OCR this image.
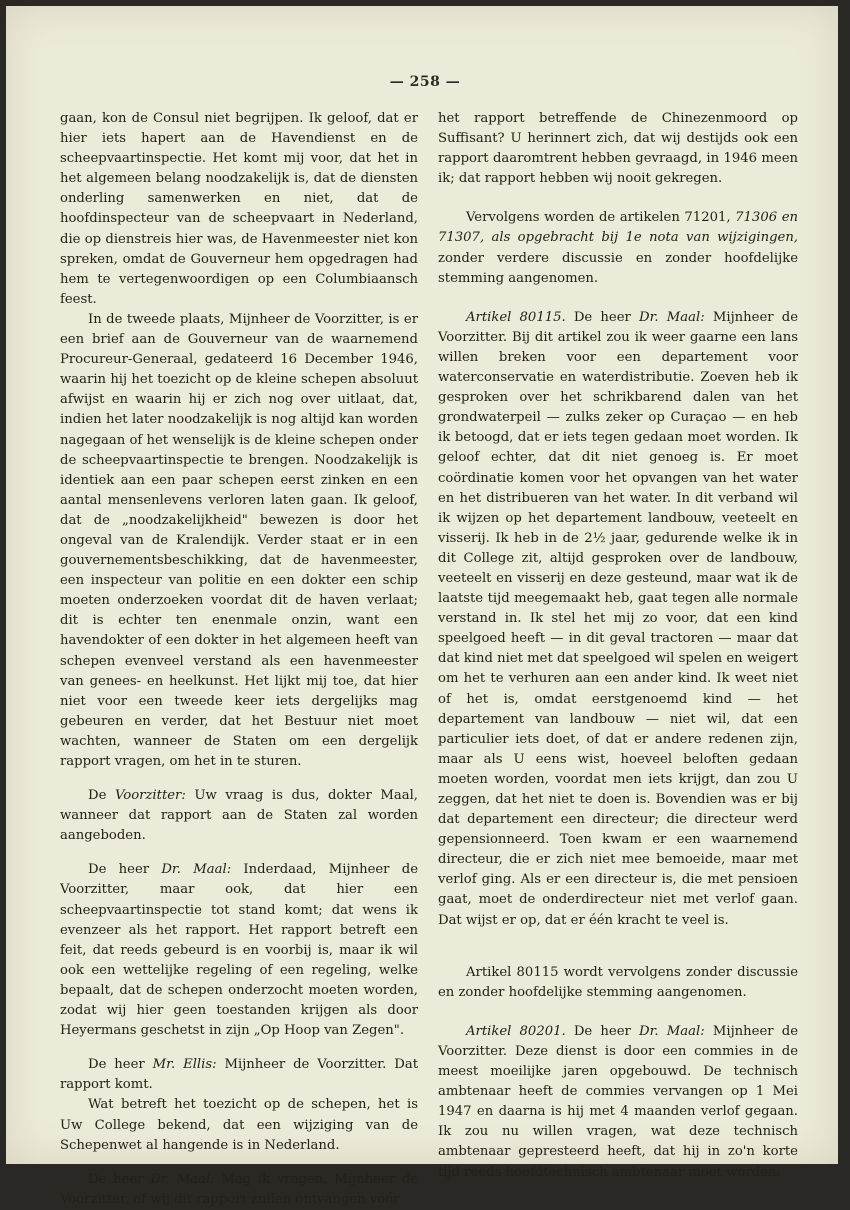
— 258 —

gaan, kon de Consul niet begrijpen. Ik geloof, dat er hier iets hapert aan de Havendienst en de scheepvaartinspectie. Het komt mij voor, dat het in het algemeen belang noodzakelijk is, dat de diensten onderling samenwerken en niet, dat de hoofdinspecteur van de scheepvaart in Nederland, die op dienstreis hier was, de Havenmeester niet kon spreken, omdat de Gouverneur hem opgedragen had hem te vertegenwoordigen op een Columbiaansch feest.

In de tweede plaats, Mijnheer de Voorzitter, is er een brief aan de Gouverneur van de waarnemend Procureur-Generaal, gedateerd 16 December 1946, waarin hij het toezicht op de kleine schepen absoluut afwijst en waarin hij er zich nog over uitlaat, dat, indien het later noodzakelijk is nog altijd kan worden nagegaan of het wenselijk is de kleine schepen onder de scheepvaartinspectie te brengen. Noodzakelijk is identiek aan een paar schepen eerst zinken en een aantal mensenlevens verloren laten gaan. Ik geloof, dat de „noodzakelijkheid" bewezen is door het ongeval van de Kralendijk. Verder staat er in een gouvernementsbeschikking, dat de havenmeester, een inspecteur van politie en een dokter een schip moeten onderzoeken voordat dit de haven verlaat; dit is echter ten enenmale onzin, want een havendokter of een dokter in het algemeen heeft van schepen evenveel verstand als een havenmeester van genees- en heelkunst. Het lijkt mij toe, dat hier niet voor een tweede keer iets dergelijks mag gebeuren en verder, dat het Bestuur niet moet wachten, wanneer de Staten om een dergelijk rapport vragen, om het in te sturen.

De Voorzitter: Uw vraag is dus, dokter Maal, wanneer dat rapport aan de Staten zal worden aangeboden.

De heer Dr. Maal: Inderdaad, Mijnheer de Voorzitter, maar ook, dat hier een scheepvaartinspectie tot stand komt; dat wens ik evenzeer als het rapport. Het rapport betreft een feit, dat reeds gebeurd is en voorbij is, maar ik wil ook een wettelijke regeling of een regeling, welke bepaalt, dat de schepen onderzocht moeten worden, zodat wij hier geen toestanden krijgen als door Heyermans geschetst in zijn „Op Hoop van Zegen".

De heer Mr. Ellis: Mijnheer de Voorzitter. Dat rapport komt.

Wat betreft het toezicht op de schepen, het is Uw College bekend, dat een wijziging van de Schepenwet al hangende is in Nederland.

De heer Dr. Maal: Mag ik vragen, Mijnheer de Voorzitter, of wij dit rapport zullen ontvangen vóór

het rapport betreffende de Chinezenmoord op Suffisant? U herinnert zich, dat wij destijds ook een rapport daaromtrent hebben gevraagd, in 1946 meen ik; dat rapport hebben wij nooit gekregen.

Vervolgens worden de artikelen 71201, 71306 en 71307, als opgebracht bij 1e nota van wijzigingen, zonder verdere discussie en zonder hoofdelijke stemming aangenomen.

Artikel 80115. De heer Dr. Maal: Mijnheer de Voorzitter. Bij dit artikel zou ik weer gaarne een lans willen breken voor een departement voor waterconservatie en waterdistributie. Zoeven heb ik gesproken over het schrikbarend dalen van het grondwaterpeil — zulks zeker op Curaçao — en heb ik betoogd, dat er iets tegen gedaan moet worden. Ik geloof echter, dat dit niet genoeg is. Er moet coördinatie komen voor het opvangen van het water en het distribueren van het water. In dit verband wil ik wijzen op het departement landbouw, veeteelt en visserij. Ik heb in de 2½ jaar, gedurende welke ik in dit College zit, altijd gesproken over de landbouw, veeteelt en visserij en deze gesteund, maar wat ik de laatste tijd meegemaakt heb, gaat tegen alle normale verstand in. Ik stel het mij zo voor, dat een kind speelgoed heeft — in dit geval tractoren — maar dat dat kind niet met dat speelgoed wil spelen en weigert om het te verhuren aan een ander kind. Ik weet niet of het is, omdat eerstgenoemd kind — het departement van landbouw — niet wil, dat een particulier iets doet, of dat er andere redenen zijn, maar als U eens wist, hoeveel beloften gedaan moeten worden, voordat men iets krijgt, dan zou U zeggen, dat het niet te doen is. Bovendien was er bij dat departement een directeur; die directeur werd gepensionneerd. Toen kwam er een waarnemend directeur, die er zich niet mee bemoeide, maar met verlof ging. Als er een directeur is, die met pensioen gaat, moet de onderdirecteur niet met verlof gaan. Dat wijst er op, dat er één kracht te veel is.

Artikel 80115 wordt vervolgens zonder discussie en zonder hoofdelijke stemming aangenomen.

Artikel 80201. De heer Dr. Maal: Mijnheer de Voorzitter. Deze dienst is door een commies in de meest moeilijke jaren opgebouwd. De technisch ambtenaar heeft de commies vervangen op 1 Mei 1947 en daarna is hij met 4 maanden verlof gegaan. Ik zou nu willen vragen, wat deze technisch ambtenaar gepresteerd heeft, dat hij in zo'n korte tijd reeds hoofdtechnisch ambtenaar moet worden.
